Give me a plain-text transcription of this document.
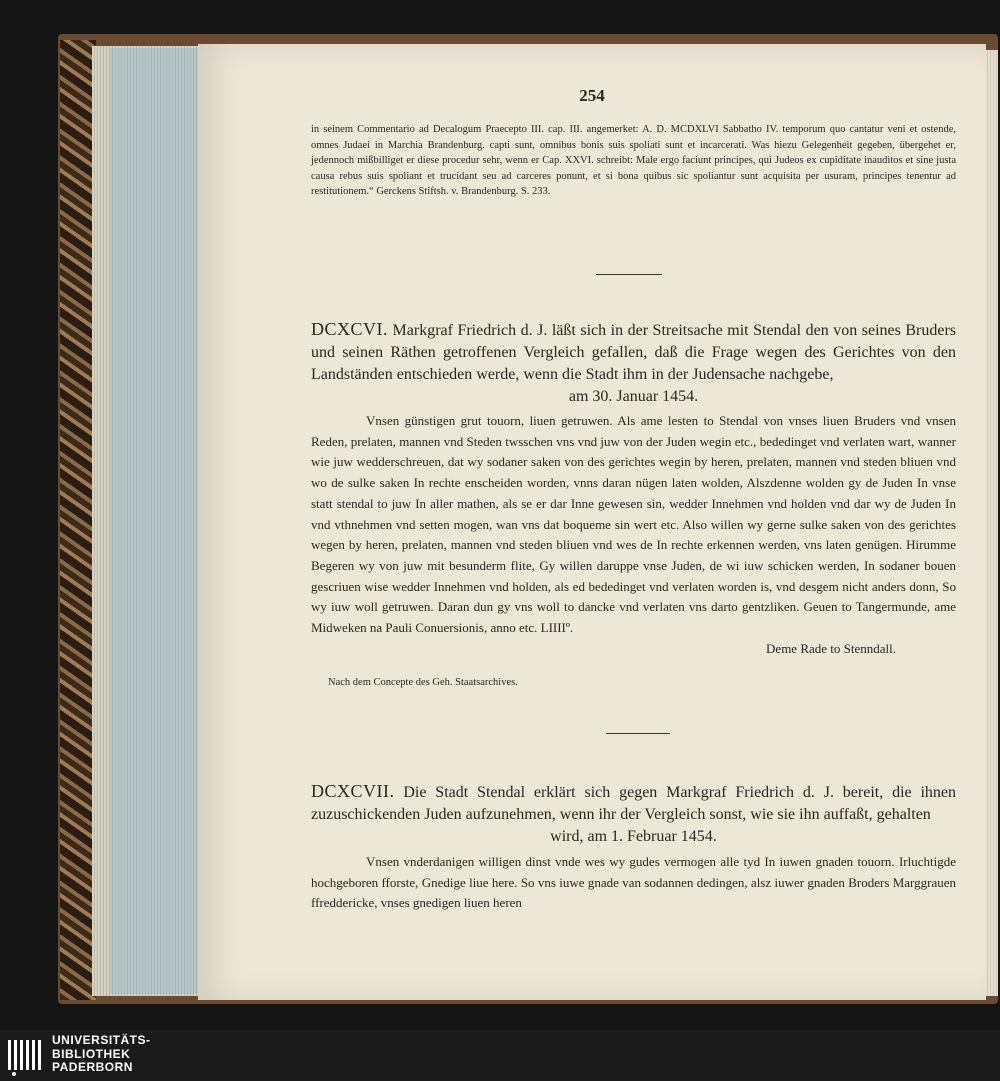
254
in seinem Commentario ad Decalogum Praecepto III. cap. III. angemerket: A. D. MCDXLVI Sabbatho IV. temporum quo cantatur veni et ostende, omnes Judaei in Marchia Brandenburg. capti sunt, omnibus bonis suis spoliati sunt et incarcerati. Was hiezu Gelegenheit gegeben, übergehet er, jedennoch mißbilliget er diese procedur sehr, wenn er Cap. XXVI. schreibt: Male ergo faciunt principes, qui Judeos ex cupiditate inauditos et sine justa causa rebus suis spoliant et trucidant seu ad carceres ponunt, et si bona quibus sic spoliantur sunt acquisita per usuram, principes tenentur ad restitutionem.“ Gerckens Stiftsh. v. Brandenburg. S. 233.
DCXCVI. Markgraf Friedrich d. J. läßt sich in der Streitsache mit Stendal den von seines Bruders und seinen Räthen getroffenen Vergleich gefallen, daß die Frage wegen des Gerichtes von den Landständen entschieden werde, wenn die Stadt ihm in der Judensache nachgebe,
am 30. Januar 1454.

Vnsen günstigen grut touorn, liuen getruwen. Als ame lesten to Stendal von vnses liuen Bruders vnd vnsen Reden, prelaten, mannen vnd Steden twsschen vns vnd juw von der Juden wegin etc., bededinget vnd verlaten wart, wanner wie juw wedderschreuen, dat wy sodaner saken von des gerichtes wegin by heren, prelaten, mannen vnd steden bliuen vnd wo de sulke saken In rechte enscheiden worden, vnns daran nügen laten wolden, Alszdenne wolden gy de Juden In vnse statt stendal to juw In aller mathen, als se er dar Inne gewesen sin, wedder Innehmen vnd holden vnd dar wy de Juden In vnd vthnehmen vnd setten mogen, wan vns dat boqueme sin wert etc. Also willen wy gerne sulke saken von des gerichtes wegen by heren, prelaten, mannen vnd steden bliuen vnd wes de In rechte erkennen werden, vns laten genügen. Hirumme Begeren wy von juw mit besunderm flite, Gy willen daruppe vnse Juden, de wi iuw schicken werden, In sodaner bouen gescriuen wise wedder Innehmen vnd holden, als ed bededinget vnd verlaten worden is, vnd desgem nicht anders donn, So wy iuw woll getruwen. Daran dun gy vns woll to dancke vnd verlaten vns darto gentzliken. Geuen to Tangermunde, ame Midweken na Pauli Conuersionis, anno etc. LIIIIº.

Deme Rade to Stenndall.
Nach dem Concepte des Geh. Staatsarchives.
DCXCVII. Die Stadt Stendal erklärt sich gegen Markgraf Friedrich d. J. bereit, die ihnen zuzuschickenden Juden aufzunehmen, wenn ihr der Vergleich sonst, wie sie ihn auffaßt, gehalten
wird, am 1. Februar 1454.

Vnsen vnderdanigen willigen dinst vnde wes wy gudes vermogen alle tyd In iuwen gnaden touorn. Irluchtigde hochgeboren fforste, Gnedige liue here. So vns iuwe gnade van sodannen dedingen, alsz iuwer gnaden Broders Marggrauen ffreddericke, vnses gnedigen liuen heren

UNIVERSITÄTS-
BIBLIOTHEK
PADERBORN
